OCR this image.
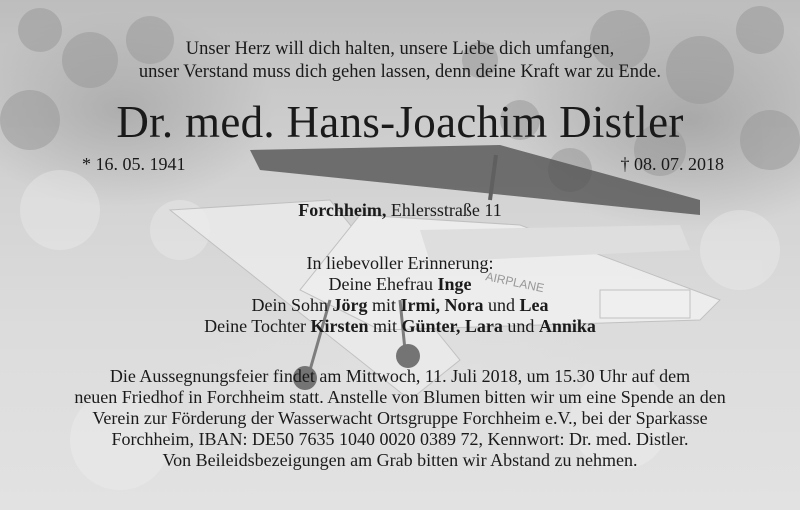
AIRPLANE
Unser Herz will dich halten, unsere Liebe dich umfangen,
unser Verstand muss dich gehen lassen, denn deine Kraft war zu Ende.
Dr. med. Hans-Joachim Distler
* 16. 05. 1941	† 08. 07. 2018
Forchheim, Ehlersstraße 11
In liebevoller Erinnerung:
Deine Ehefrau Inge
Dein Sohn Jörg mit Irmi, Nora und Lea
Deine Tochter Kirsten mit Günter, Lara und Annika
Die Aussegnungsfeier findet am Mittwoch, 11. Juli 2018, um 15.30 Uhr auf dem
neuen Friedhof in Forchheim statt. Anstelle von Blumen bitten wir um eine Spende an den
Verein zur Förderung der Wasserwacht Ortsgruppe Forchheim e.V., bei der Sparkasse
Forchheim, IBAN: DE50 7635 1040 0020 0389 72, Kennwort: Dr. med. Distler.
Von Beileidsbezeigungen am Grab bitten wir Abstand zu nehmen.
